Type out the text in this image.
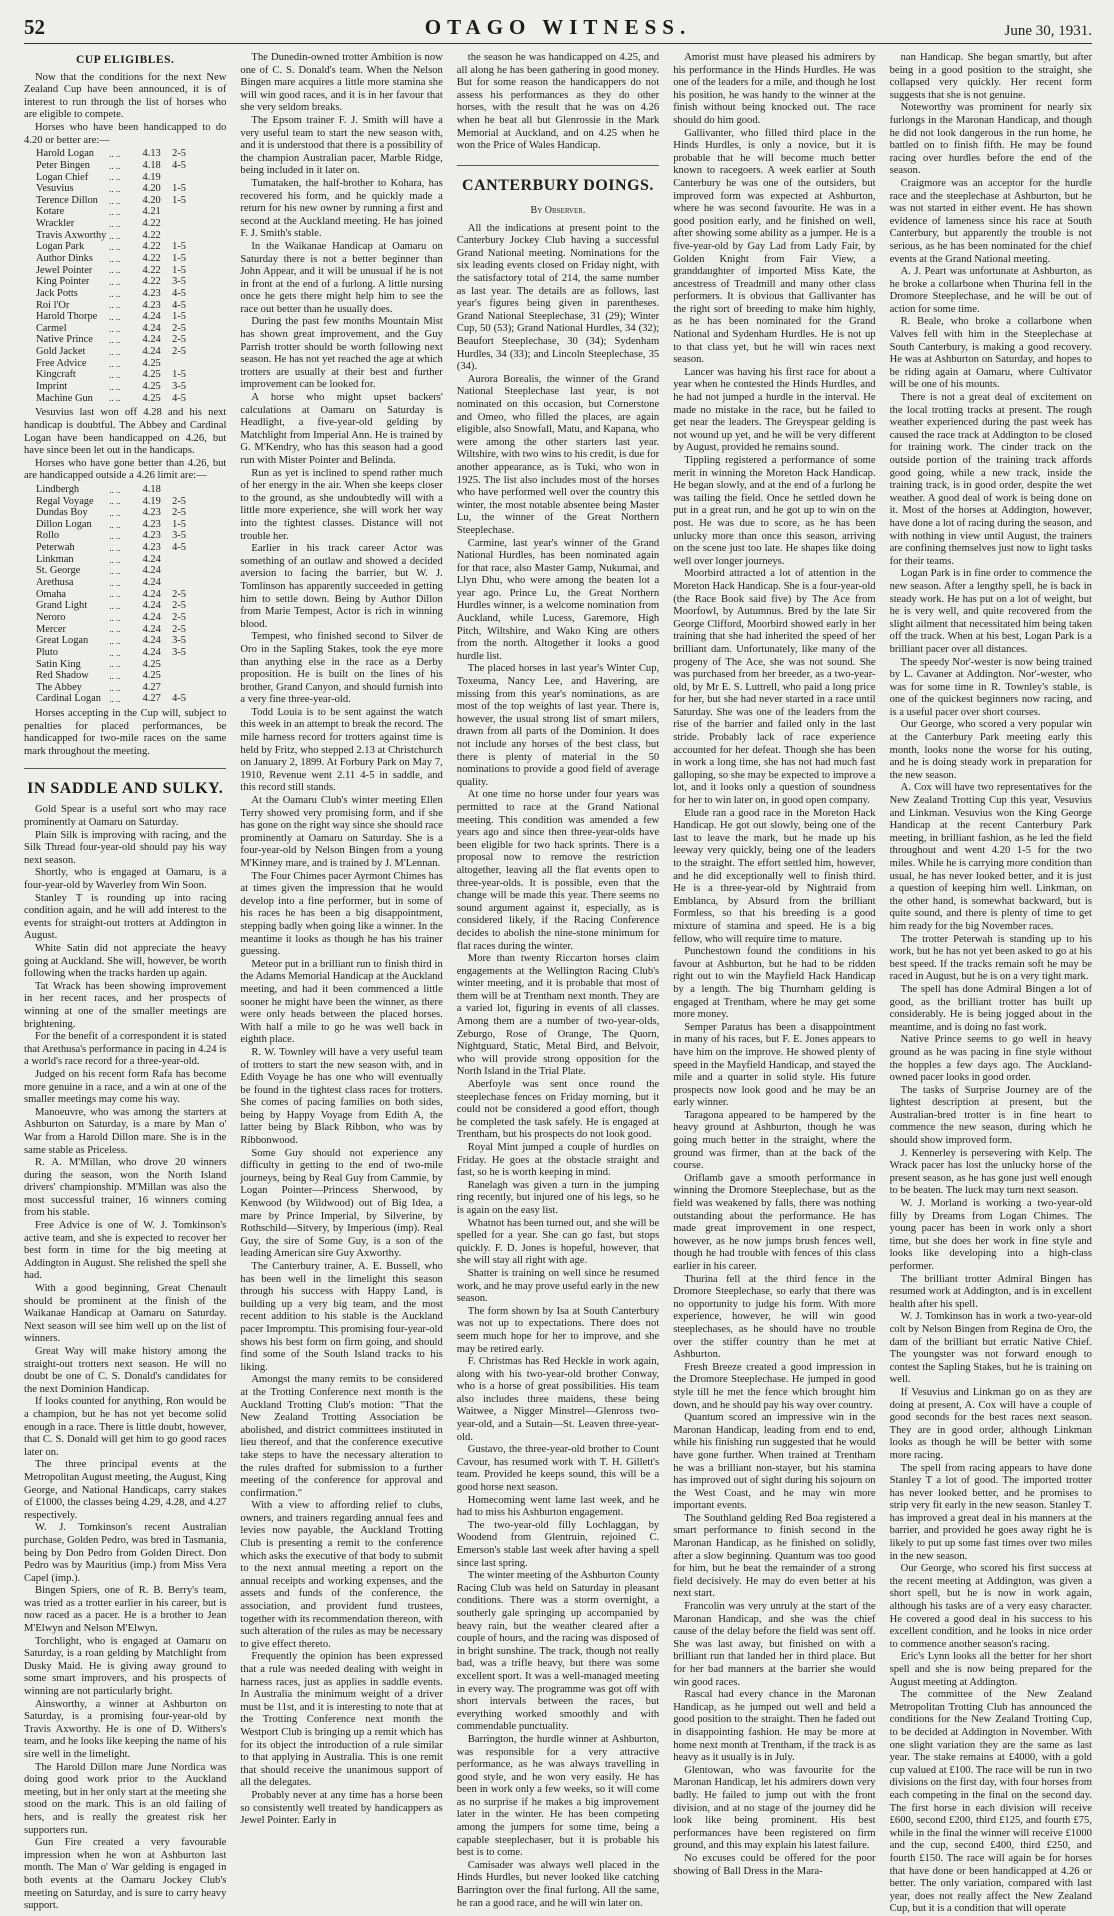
52	OTAGO WITNESS.	June 30, 1931.
CUP ELIGIBLES.

Now that the conditions for the next New Zealand Cup have been announced, it is of interest to run through the list of horses who are eligible to compete.

Horses who have been handicapped to do 4.20 or better are:—

Harold Logan	.. ..	4.13	2-5
Peter Bingen	.. ..	4.18	4-5
Logan Chief	.. ..	4.19	
Vesuvius	.. ..	4.20	1-5
Terence Dillon	.. ..	4.20	1-5
Kotare	.. ..	4.21	
Wrackler	.. ..	4.22	
Travis Axworthy	.. ..	4.22	
Logan Park	.. ..	4.22	1-5
Author Dinks	.. ..	4.22	1-5
Jewel Pointer	.. ..	4.22	1-5
King Pointer	.. ..	4.22	3-5
Jack Potts	.. ..	4.23	4-5
Roi l'Or	.. ..	4.23	4-5
Harold Thorpe	.. ..	4.24	1-5
Carmel	.. ..	4.24	2-5
Native Prince	.. ..	4.24	2-5
Gold Jacket	.. ..	4.24	2-5
Free Advice	.. ..	4.25	
Kingcraft	.. ..	4.25	1-5
Imprint	.. ..	4.25	3-5
Machine Gun	.. ..	4.25	4-5

Vesuvius last won off 4.28 and his next handicap is doubtful. The Abbey and Cardinal Logan have been handicapped on 4.26, but have since been let out in the handicaps.

Horses who have gone better than 4.26, but are handicapped outside a 4.26 limit are:—

Lindbergh	.. ..	4.18	
Regal Voyage	.. ..	4.19	2-5
Dundas Boy	.. ..	4.23	2-5
Dillon Logan	.. ..	4.23	1-5
Rollo	.. ..	4.23	3-5
Peterwah	.. ..	4.23	4-5
Linkman	.. ..	4.24	
St. George	.. ..	4.24	
Arethusa	.. ..	4.24	
Omaha	.. ..	4.24	2-5
Grand Light	.. ..	4.24	2-5
Neroro	.. ..	4.24	2-5
Mercer	.. ..	4.24	2-5
Great Logan	.. ..	4.24	3-5
Pluto	.. ..	4.24	3-5
Satin King	.. ..	4.25	
Red Shadow	.. ..	4.25	
The Abbey	.. ..	4.27	
Cardinal Logan	.. ..	4.27	4-5

Horses accepting in the Cup will, subject to penalties for placed performances, be handicapped for two-mile races on the same mark throughout the meeting.

IN SADDLE AND SULKY.

Gold Spear is a useful sort who may race prominently at Oamaru on Saturday.

Plain Silk is improving with racing, and the Silk Thread four-year-old should pay his way next season.

Shortly, who is engaged at Oamaru, is a four-year-old by Waverley from Win Soon.

Stanley T is rounding up into racing condition again, and he will add interest to the events for straight-out trotters at Addington in August.

White Satin did not appreciate the heavy going at Auckland. She will, however, be worth following when the tracks harden up again.

Tat Wrack has been showing improvement in her recent races, and her prospects of winning at one of the smaller meetings are brightening.

For the benefit of a correspondent it is stated that Arethusa's performance in pacing in 4.24 is a world's race record for a three-year-old.

Judged on his recent form Rafa has become more genuine in a race, and a win at one of the smaller meetings may come his way.

Manoeuvre, who was among the starters at Ashburton on Saturday, is a mare by Man o' War from a Harold Dillon mare. She is in the same stable as Priceless.

R. A. M'Millan, who drove 20 winners during the season, won the North Island drivers' championship. M'Millan was also the most successful trainer, 16 winners coming from his stable.

Free Advice is one of W. J. Tomkinson's active team, and she is expected to recover her best form in time for the big meeting at Addington in August. She relished the spell she had.

With a good beginning, Great Chenault should be prominent at the finish of the Waikanae Handicap at Oamaru on Saturday. Next season will see him well up on the list of winners.

Great Way will make history among the straight-out trotters next season. He will no doubt be one of C. S. Donald's candidates for the next Dominion Handicap.

If looks counted for anything, Ron would be a champion, but he has not yet become solid enough in a race. There is little doubt, however, that C. S. Donald will get him to go good races later on.

The three principal events at the Metropolitan August meeting, the August, King George, and National Handicaps, carry stakes of £1000, the classes being 4.29, 4.28, and 4.27 respectively.

W. J. Tomkinson's recent Australian purchase, Golden Pedro, was bred in Tasmania, being by Don Pedro from Golden Direct. Don Pedro was by Mauritius (imp.) from Miss Vera Capel (imp.).

Bingen Spiers, one of R. B. Berry's team, was tried as a trotter earlier in his career, but is now raced as a pacer. He is a brother to Jean M'Elwyn and Nelson M'Elwyn.

Torchlight, who is engaged at Oamaru on Saturday, is a roan gelding by Matchlight from Dusky Maid. He is giving away ground to some smart improvers, and his prospects of winning are not particularly bright.

Ainsworthy, a winner at Ashburton on Saturday, is a promising four-year-old by Travis Axworthy. He is one of D. Withers's team, and he looks like keeping the name of his sire well in the limelight.

The Harold Dillon mare June Nordica was doing good work prior to the Auckland meeting, but in her only start at the meeting she stood on the mark. This is an old failing of hers, and is really the greatest risk her supporters run.

Gun Fire created a very favourable impression when he won at Ashburton last month. The Man o' War gelding is engaged in both events at the Oamaru Jockey Club's meeting on Saturday, and is sure to carry heavy support.

The Dunedin-owned trotter Ambition is now one of C. S. Donald's team. When the Nelson Bingen mare acquires a little more stamina she will win good races, and it is in her favour that she very seldom breaks.

The Epsom trainer F. J. Smith will have a very useful team to start the new season with, and it is understood that there is a possibility of the champion Australian pacer, Marble Ridge, being included in it later on.

Tumataken, the half-brother to Kohara, has recovered his form, and he quickly made a return for his new owner by running a first and second at the Auckland meeting. He has joined F. J. Smith's stable.

In the Waikanae Handicap at Oamaru on Saturday there is not a better beginner than John Appear, and it will be unusual if he is not in front at the end of a furlong. A little nursing once he gets there might help him to see the race out better than he usually does.

During the past few months Mountain Mist has shown great improvement, and the Guy Parrish trotter should be worth following next season. He has not yet reached the age at which trotters are usually at their best and further improvement can be looked for.

A horse who might upset backers' calculations at Oamaru on Saturday is Headlight, a five-year-old gelding by Matchlight from Imperial Ann. He is trained by G. M'Kendry, who has this season had a good run with Mister Pointer and Belinda.

Run as yet is inclined to spend rather much of her energy in the air. When she keeps closer to the ground, as she undoubtedly will with a little more experience, she will work her way into the tightest classes. Distance will not trouble her.

Earlier in his track career Actor was something of an outlaw and showed a decided aversion to facing the barrier, but W. J. Tomlinson has apparently succeeded in getting him to settle down. Being by Author Dillon from Marie Tempest, Actor is rich in winning blood.

Tempest, who finished second to Silver de Oro in the Sapling Stakes, took the eye more than anything else in the race as a Derby proposition. He is built on the lines of his brother, Grand Canyon, and should furnish into a very fine three-year-old.

Todd Louia is to be sent against the watch this week in an attempt to break the record. The mile harness record for trotters against time is held by Fritz, who stepped 2.13 at Christchurch on January 2, 1899. At Forbury Park on May 7, 1910, Revenue went 2.11 4-5 in saddle, and this record still stands.

At the Oamaru Club's winter meeting Ellen Terry showed very promising form, and if she has gone on the right way since she should race prominently at Oamaru on Saturday. She is a four-year-old by Nelson Bingen from a young M'Kinney mare, and is trained by J. M'Lennan.

The Four Chimes pacer Ayrmont Chimes has at times given the impression that he would develop into a fine performer, but in some of his races he has been a big disappointment, stepping badly when going like a winner. In the meantime it looks as though he has his trainer guessing.

Meteor put in a brilliant run to finish third in the Adams Memorial Handicap at the Auckland meeting, and had it been commenced a little sooner he might have been the winner, as there were only heads between the placed horses. With half a mile to go he was well back in eighth place.

R. W. Townley will have a very useful team of trotters to start the new season with, and in Edith Voyage he has one who will eventually be found in the tightest class races for trotters. She comes of pacing families on both sides, being by Happy Voyage from Edith A, the latter being by Black Ribbon, who was by Ribbonwood.

Some Guy should not experience any difficulty in getting to the end of two-mile journeys, being by Real Guy from Cammie, by Logan Pointer—Princess Sherwood, by Kenwood (by Wildwood) out of Big Idea, a mare by Prince Imperial, by Silverine, by Rothschild—Sitvery, by Imperious (imp). Real Guy, the sire of Some Guy, is a son of the leading American sire Guy Axworthy.

The Canterbury trainer, A. E. Bussell, who has been well in the limelight this season through his success with Happy Land, is building up a very big team, and the most recent addition to his stable is the Auckland pacer Impromptu. This promising four-year-old shows his best form on firm going, and should find some of the South Island tracks to his liking.

Amongst the many remits to be considered at the Trotting Conference next month is the Auckland Trotting Club's motion: "That the New Zealand Trotting Association be abolished, and district committees instituted in lieu thereof, and that the conference executive take steps to have the necessary alteration to the rules drafted for submission to a further meeting of the conference for approval and confirmation."

With a view to affording relief to clubs, owners, and trainers regarding annual fees and levies now payable, the Auckland Trotting Club is presenting a remit to the conference which asks the executive of that body to submit to the next annual meeting a report on the annual receipts and working expenses, and the assets and funds of the conference, the association, and provident fund trustees, together with its recommendation thereon, with such alteration of the rules as may be necessary to give effect thereto.

Frequently the opinion has been expressed that a rule was needed dealing with weight in harness races, just as applies in saddle events. In Australia the minimum weight of a driver must be 11st, and it is interesting to note that at the Trotting Conference next month the Westport Club is bringing up a remit which has for its object the introduction of a rule similar to that applying in Australia. This is one remit that should receive the unanimous support of all the delegates.

Probably never at any time has a horse been so consistently well treated by handicappers as Jewel Pointer. Early in

the season he was handicapped on 4.25, and all along he has been gathering in good money. But for some reason the handicappers do not assess his performances as they do other horses, with the result that he was on 4.26 when he beat all but Glenrossie in the Mark Memorial at Auckland, and on 4.25 when he won the Price of Wales Handicap.

CANTERBURY DOINGS.
By Observer.

All the indications at present point to the Canterbury Jockey Club having a successful Grand National meeting. Nominations for the six leading events closed on Friday night, with the satisfactory total of 214, the same number as last year. The details are as follows, last year's figures being given in parentheses. Grand National Steeplechase, 31 (29); Winter Cup, 50 (53); Grand National Hurdles, 34 (32); Beaufort Steeplechase, 30 (34); Sydenham Hurdles, 34 (33); and Lincoln Steeplechase, 35 (34).

Aurora Borealis, the winner of the Grand National Steeplechase last year, is not nominated on this occasion, but Cornerstone and Omeo, who filled the places, are again eligible, also Snowfall, Matu, and Kapana, who were among the other starters last year. Wiltshire, with two wins to his credit, is due for another appearance, as is Tuki, who won in 1925. The list also includes most of the horses who have performed well over the country this winter, the most notable absentee being Master Lu, the winner of the Great Northern Steeplechase.

Carmine, last year's winner of the Grand National Hurdles, has been nominated again for that race, also Master Gamp, Nukumai, and Llyn Dhu, who were among the beaten lot a year ago. Prince Lu, the Great Northern Hurdles winner, is a welcome nomination from Auckland, while Lucess, Garemore, High Pitch, Wiltshire, and Wako King are others from the north. Altogether it looks a good hurdle list.

The placed horses in last year's Winter Cup, Toxeuma, Nancy Lee, and Havering, are missing from this year's nominations, as are most of the top weights of last year. There is, however, the usual strong list of smart milers, drawn from all parts of the Dominion. It does not include any horses of the best class, but there is plenty of material in the 50 nominations to provide a good field of average quality.

At one time no horse under four years was permitted to race at the Grand National meeting. This condition was amended a few years ago and since then three-year-olds have been eligible for two hack sprints. There is a proposal now to remove the restriction altogether, leaving all the flat events open to three-year-olds. It is possible, even that the change will be made this year. There seems no sound argument against it, especially, as is considered likely, if the Racing Conference decides to abolish the nine-stone minimum for flat races during the winter.

More than twenty Riccarton horses claim engagements at the Wellington Racing Club's winter meeting, and it is probable that most of them will be at Trentham next month. They are a varied lot, figuring in events of all classes. Among them are a number of two-year-olds, Zeburgo, Rose of Orange, The Quorn, Nightguard, Static, Metal Bird, and Belvoir, who will provide strong opposition for the North Island in the Trial Plate.

Aberfoyle was sent once round the steeplechase fences on Friday morning, but it could not be considered a good effort, though he completed the task safely. He is engaged at Trentham, but his prospects do not look good.

Royal Mint jumped a couple of hurdles on Friday. He goes at the obstacle straight and fast, so he is worth keeping in mind.

Ranelagh was given a turn in the jumping ring recently, but injured one of his legs, so he is again on the easy list.

Whatnot has been turned out, and she will be spelled for a year. She can go fast, but stops quickly. F. D. Jones is hopeful, however, that she will stay all right with age.

Shatter is training on well since he resumed work, and he may prove useful early in the new season.

The form shown by Isa at South Canterbury was not up to expectations. There does not seem much hope for her to improve, and she may be retired early.

F. Christmas has Red Heckle in work again, along with his two-year-old brother Conway, who is a horse of great possibilities. His team also includes three maidens, these being Waitwee, a Nigger Minstrel—Glenross two-year-old, and a Sutain—St. Leaven three-year-old.

Gustavo, the three-year-old brother to Count Cavour, has resumed work with T. H. Gillett's team. Provided he keeps sound, this will be a good horse next season.

Homecoming went lame last week, and he had to miss his Ashburton engagement.

The two-year-old filly Lochlaggan, by Woodend from Glentruin, rejoined C. Emerson's stable last week after having a spell since last spring.

The winter meeting of the Ashburton County Racing Club was held on Saturday in pleasant conditions. There was a storm overnight, a southerly gale springing up accompanied by heavy rain, but the weather cleared after a couple of hours, and the racing was disposed of in bright sunshine. The track, though not really bad, was a trifle heavy, but there was some excellent sport. It was a well-managed meeting in every way. The programme was got off with short intervals between the races, but everything worked smoothly and with commendable punctuality.

Barrington, the hurdle winner at Ashburton, was responsible for a very attractive performance, as he was always travelling in good style, and he won very easily. He has been in work only a few weeks, so it will come as no surprise if he makes a big improvement later in the winter. He has been competing among the jumpers for some time, being a capable steeplechaser, but it is probable his best is to come.

Camisader was always well placed in the Hinds Hurdles, but never looked like catching Barrington over the final furlong. All the same, he ran a good race, and he will win later on.

Amorist must have pleased his admirers by his performance in the Hinds Hurdles. He was one of the leaders for a mile, and though he lost his position, he was handy to the winner at the finish without being knocked out. The race should do him good.

Gallivanter, who filled third place in the Hinds Hurdles, is only a novice, but it is probable that he will become much better known to racegoers. A week earlier at South Canterbury he was one of the outsiders, but improved form was expected at Ashburton, where he was second favourite. He was in a good position early, and he finished on well, after showing some ability as a jumper. He is a five-year-old by Gay Lad from Lady Fair, by Golden Knight from Fair View, a granddaughter of imported Miss Kate, the ancestress of Treadmill and many other class performers. It is obvious that Gallivanter has the right sort of breeding to make him highly, as he has been nominated for the Grand National and Sydenham Hurdles. He is not up to that class yet, but he will win races next season.

Lancer was having his first race for about a year when he contested the Hinds Hurdles, and he had not jumped a hurdle in the interval. He made no mistake in the race, but he failed to get near the leaders. The Greyspear gelding is not wound up yet, and he will be very different by August, provided he remains sound.

Tippling registered a performance of some merit in winning the Moreton Hack Handicap. He began slowly, and at the end of a furlong he was tailing the field. Once he settled down he put in a great run, and he got up to win on the post. He was due to score, as he has been unlucky more than once this season, arriving on the scene just too late. He shapes like doing well over longer journeys.

Moorbird attracted a lot of attention in the Moreton Hack Handicap. She is a four-year-old (the Race Book said five) by The Ace from Moorfowl, by Autumnus. Bred by the late Sir George Clifford, Moorbird showed early in her training that she had inherited the speed of her brilliant dam. Unfortunately, like many of the progeny of The Ace, she was not sound. She was purchased from her breeder, as a two-year-old, by Mr E. S. Luttrell, who paid a long price for her, but she had never started in a race until Saturday. She was one of the leaders from the rise of the barrier and failed only in the last stride. Probably lack of race experience accounted for her defeat. Though she has been in work a long time, she has not had much fast galloping, so she may be expected to improve a lot, and it looks only a question of soundness for her to win later on, in good open company.

Elude ran a good race in the Moreton Hack Handicap. He got out slowly, being one of the last to leave the mark, but he made up his leeway very quickly, being one of the leaders to the straight. The effort settled him, however, and he did exceptionally well to finish third. He is a three-year-old by Nightraid from Emblanca, by Absurd from the brilliant Formless, so that his breeding is a good mixture of stamina and speed. He is a big fellow, who will require time to mature.

Punchestown found the conditions in his favour at Ashburton, but he had to be ridden right out to win the Mayfield Hack Handicap by a length. The big Thurnham gelding is engaged at Trentham, where he may get some more money.

Semper Paratus has been a disappointment in many of his races, but F. E. Jones appears to have him on the improve. He showed plenty of speed in the Mayfield Handicap, and stayed the mile and a quarter in solid style. His future prospects now look good and he may be an early winner.

Taragona appeared to be hampered by the heavy ground at Ashburton, though he was going much better in the straight, where the ground was firmer, than at the back of the course.

Oriflamb gave a smooth performance in winning the Dromore Steeplechase, but as the field was weakened by falls, there was nothing outstanding about the performance. He has made great improvement in one respect, however, as he now jumps brush fences well, though he had trouble with fences of this class earlier in his career.

Thurina fell at the third fence in the Dromore Steeplechase, so early that there was no opportunity to judge his form. With more experience, however, he will win good steeplechases, as he should have no trouble over the stiffer country than he met at Ashburton.

Fresh Breeze created a good impression in the Dromore Steeplechase. He jumped in good style till he met the fence which brought him down, and he should pay his way over country.

Quantum scored an impressive win in the Maronan Handicap, leading from end to end, while his finishing run suggested that he would have gone further. When trained at Trentham he was a brilliant non-stayer, but his stamina has improved out of sight during his sojourn on the West Coast, and he may win more important events.

The Southland gelding Red Boa registered a smart performance to finish second in the Maronan Handicap, as he finished on solidly, after a slow beginning. Quantum was too good for him, but he beat the remainder of a strong field decisively. He may do even better at his next start.

Francolin was very unruly at the start of the Maronan Handicap, and she was the chief cause of the delay before the field was sent off. She was last away, but finished on with a brilliant run that landed her in third place. But for her bad manners at the barrier she would win good races.

Rascal had every chance in the Maronan Handicap, as he jumped out well and held a good position to the straight. Then he faded out in disappointing fashion. He may be more at home next month at Trentham, if the track is as heavy as it usually is in July.

Glentowan, who was favourite for the Maronan Handicap, let his admirers down very badly. He failed to jump out with the front division, and at no stage of the journey did he look like being prominent. His best performances have been registered on firm ground, and this may explain his latest failure.

No excuses could be offered for the poor showing of Ball Dress in the Mara-

nan Handicap. She began smartly, but after being in a good position to the straight, she collapsed very quickly. Her recent form suggests that she is not genuine.

Noteworthy was prominent for nearly six furlongs in the Maronan Handicap, and though he did not look dangerous in the run home, he battled on to finish fifth. He may be found racing over hurdles before the end of the season.

Craigmore was an acceptor for the hurdle race and the steeplechase at Ashburton, but he was not started in either event. He has shown evidence of lameness since his race at South Canterbury, but apparently the trouble is not serious, as he has been nominated for the chief events at the Grand National meeting.

A. J. Peart was unfortunate at Ashburton, as he broke a collarbone when Thurina fell in the Dromore Steeplechase, and he will be out of action for some time.

R. Beale, who broke a collarbone when Valves fell with him in the Steeplechase at South Canterbury, is making a good recovery. He was at Ashburton on Saturday, and hopes to be riding again at Oamaru, where Cultivator will be one of his mounts.

There is not a great deal of excitement on the local trotting tracks at present. The rough weather experienced during the past week has caused the race track at Addington to be closed for training work. The cinder track on the outside portion of the training track affords good going, while a new track, inside the training track, is in good order, despite the wet weather. A good deal of work is being done on it. Most of the horses at Addington, however, have done a lot of racing during the season, and with nothing in view until August, the trainers are confining themselves just now to light tasks for their teams.

Logan Park is in fine order to commence the new season. After a lengthy spell, he is back in steady work. He has put on a lot of weight, but he is very well, and quite recovered from the slight ailment that necessitated him being taken off the track. When at his best, Logan Park is a brilliant pacer over all distances.

The speedy Nor'-wester is now being trained by L. Cavaner at Addington. Nor'-wester, who was for some time in R. Townley's stable, is one of the quickest beginners now racing, and is a useful pacer over short courses.

Our George, who scored a very popular win at the Canterbury Park meeting early this month, looks none the worse for his outing, and he is doing steady work in preparation for the new season.

A. Cox will have two representatives for the New Zealand Trotting Cup this year, Vesuvius and Linkman. Vesuvius won the King George Handicap at the recent Canterbury Park meeting, in brilliant fashion, as he led the field throughout and went 4.20 1-5 for the two miles. While he is carrying more condition than usual, he has never looked better, and it is just a question of keeping him well. Linkman, on the other hand, is somewhat backward, but is quite sound, and there is plenty of time to get him ready for the big November races.

The trotter Peterwah is standing up to his work, but he has not yet been asked to go at his best speed. If the tracks remain soft he may be raced in August, but he is on a very tight mark.

The spell has done Admiral Bingen a lot of good, as the brilliant trotter has built up considerably. He is being jogged about in the meantime, and is doing no fast work.

Native Prince seems to go well in heavy ground as he was pacing in fine style without the hopples a few days ago. The Auckland-owned pacer looks in good order.

The tasks of Surprise Journey are of the lightest description at present, but the Australian-bred trotter is in fine heart to commence the new season, during which he should show improved form.

J. Kennerley is persevering with Kelp. The Wrack pacer has lost the unlucky horse of the present season, as he has gone just well enough to be beaten. The luck may turn next season.

W. J. Morland is working a two-year-old filly by Dreams from Logan Chimes. The young pacer has been in work only a short time, but she does her work in fine style and looks like developing into a high-class performer.

The brilliant trotter Admiral Bingen has resumed work at Addington, and is in excellent health after his spell.

W. J. Tomkinson has in work a two-year-old colt by Nelson Bingen from Regina de Oro, the dam of the brilliant but erratic Native Chief. The youngster was not forward enough to contest the Sapling Stakes, but he is training on well.

If Vesuvius and Linkman go on as they are doing at present, A. Cox will have a couple of good seconds for the best races next season. They are in good order, although Linkman looks as though he will be better with some more racing.

The spell from racing appears to have done Stanley T a lot of good. The imported trotter has never looked better, and he promises to strip very fit early in the new season. Stanley T. has improved a great deal in his manners at the barrier, and provided he goes away right he is likely to put up some fast times over two miles in the new season.

Our George, who scored his first success at the recent meeting at Addington, was given a short spell, but he is now in work again, although his tasks are of a very easy character. He covered a good deal in his success to his excellent condition, and he looks in nice order to commence another season's racing.

Eric's Lynn looks all the better for her short spell and she is now being prepared for the August meeting at Addington.

The committee of the New Zealand Metropolitan Trotting Club has announced the conditions for the New Zealand Trotting Cup, to be decided at Addington in November. With one slight variation they are the same as last year. The stake remains at £4000, with a gold cup valued at £100. The race will be run in two divisions on the first day, with four horses from each competing in the final on the second day. The first horse in each division will receive £600, second £200, third £125, and fourth £75, while in the final the winner will receive £1000 and the cup, second £400, third £250, and fourth £150. The race will again be for horses that have done or been handicapped at 4.26 or better. The only variation, compared with last year, does not really affect the New Zealand Cup, but it is a condition that will operate
